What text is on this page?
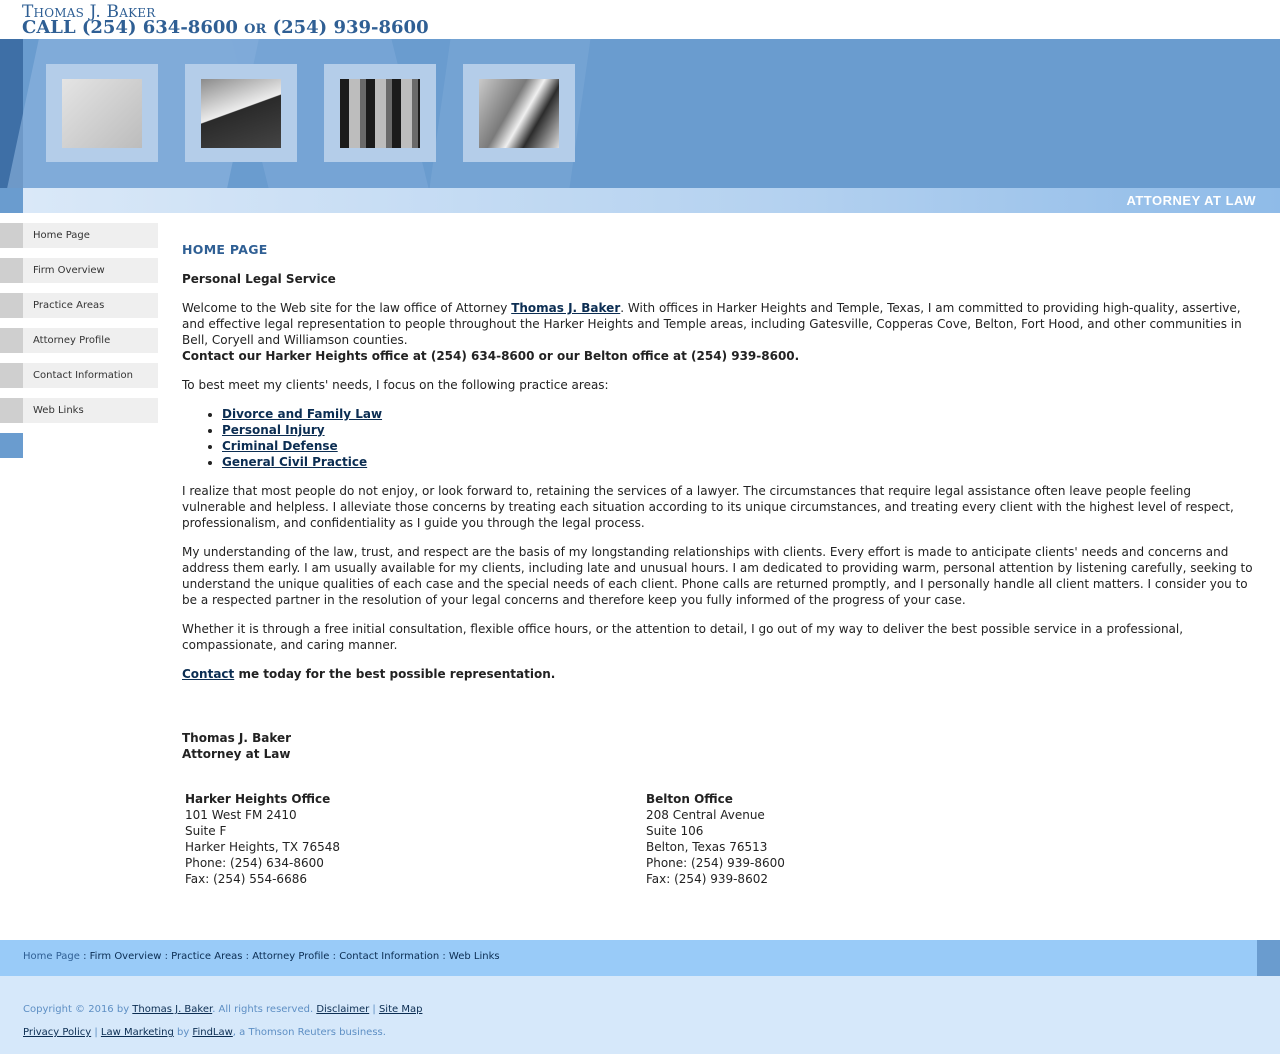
Thomas J. Baker
CALL (254) 634-8600 or (254) 939-8600
ATTORNEY AT LAW
Home Page
Firm Overview
Practice Areas
Attorney Profile
Contact Information
Web Links
HOME PAGE
Personal Legal Service

Welcome to the Web site for the law office of Attorney Thomas J. Baker. With offices in Harker Heights and Temple, Texas, I am committed to providing high-quality, assertive, and effective legal representation to people throughout the Harker Heights and Temple areas, including Gatesville, Copperas Cove, Belton, Fort Hood, and other communities in Bell, Coryell and Williamson counties.
Contact our Harker Heights office at (254) 634-8600 or our Belton office at (254) 939-8600.

To best meet my clients' needs, I focus on the following practice areas:

• Divorce and Family Law
• Personal Injury
• Criminal Defense
• General Civil Practice

I realize that most people do not enjoy, or look forward to, retaining the services of a lawyer. The circumstances that require legal assistance often leave people feeling vulnerable and helpless. I alleviate those concerns by treating each situation according to its unique circumstances, and treating every client with the highest level of respect, professionalism, and confidentiality as I guide you through the legal process.

My understanding of the law, trust, and respect are the basis of my longstanding relationships with clients. Every effort is made to anticipate clients' needs and concerns and address them early. I am usually available for my clients, including late and unusual hours. I am dedicated to providing warm, personal attention by listening carefully, seeking to understand the unique qualities of each case and the special needs of each client. Phone calls are returned promptly, and I personally handle all client matters. I consider you to be a respected partner in the resolution of your legal concerns and therefore keep you fully informed of the progress of your case.

Whether it is through a free initial consultation, flexible office hours, or the attention to detail, I go out of my way to deliver the best possible service in a professional, compassionate, and caring manner.

Contact me today for the best possible representation.

Thomas J. Baker
Attorney at Law
Harker Heights Office
101 West FM 2410
Suite F
Harker Heights, TX 76548
Phone: (254) 634-8600
Fax: (254) 554-6686
Belton Office
208 Central Avenue
Suite 106
Belton, Texas 76513
Phone: (254) 939-8600
Fax: (254) 939-8602
Home Page : Firm Overview : Practice Areas : Attorney Profile : Contact Information : Web Links
Copyright © 2016 by Thomas J. Baker. All rights reserved. Disclaimer | Site Map
Privacy Policy | Law Marketing by FindLaw, a Thomson Reuters business.
